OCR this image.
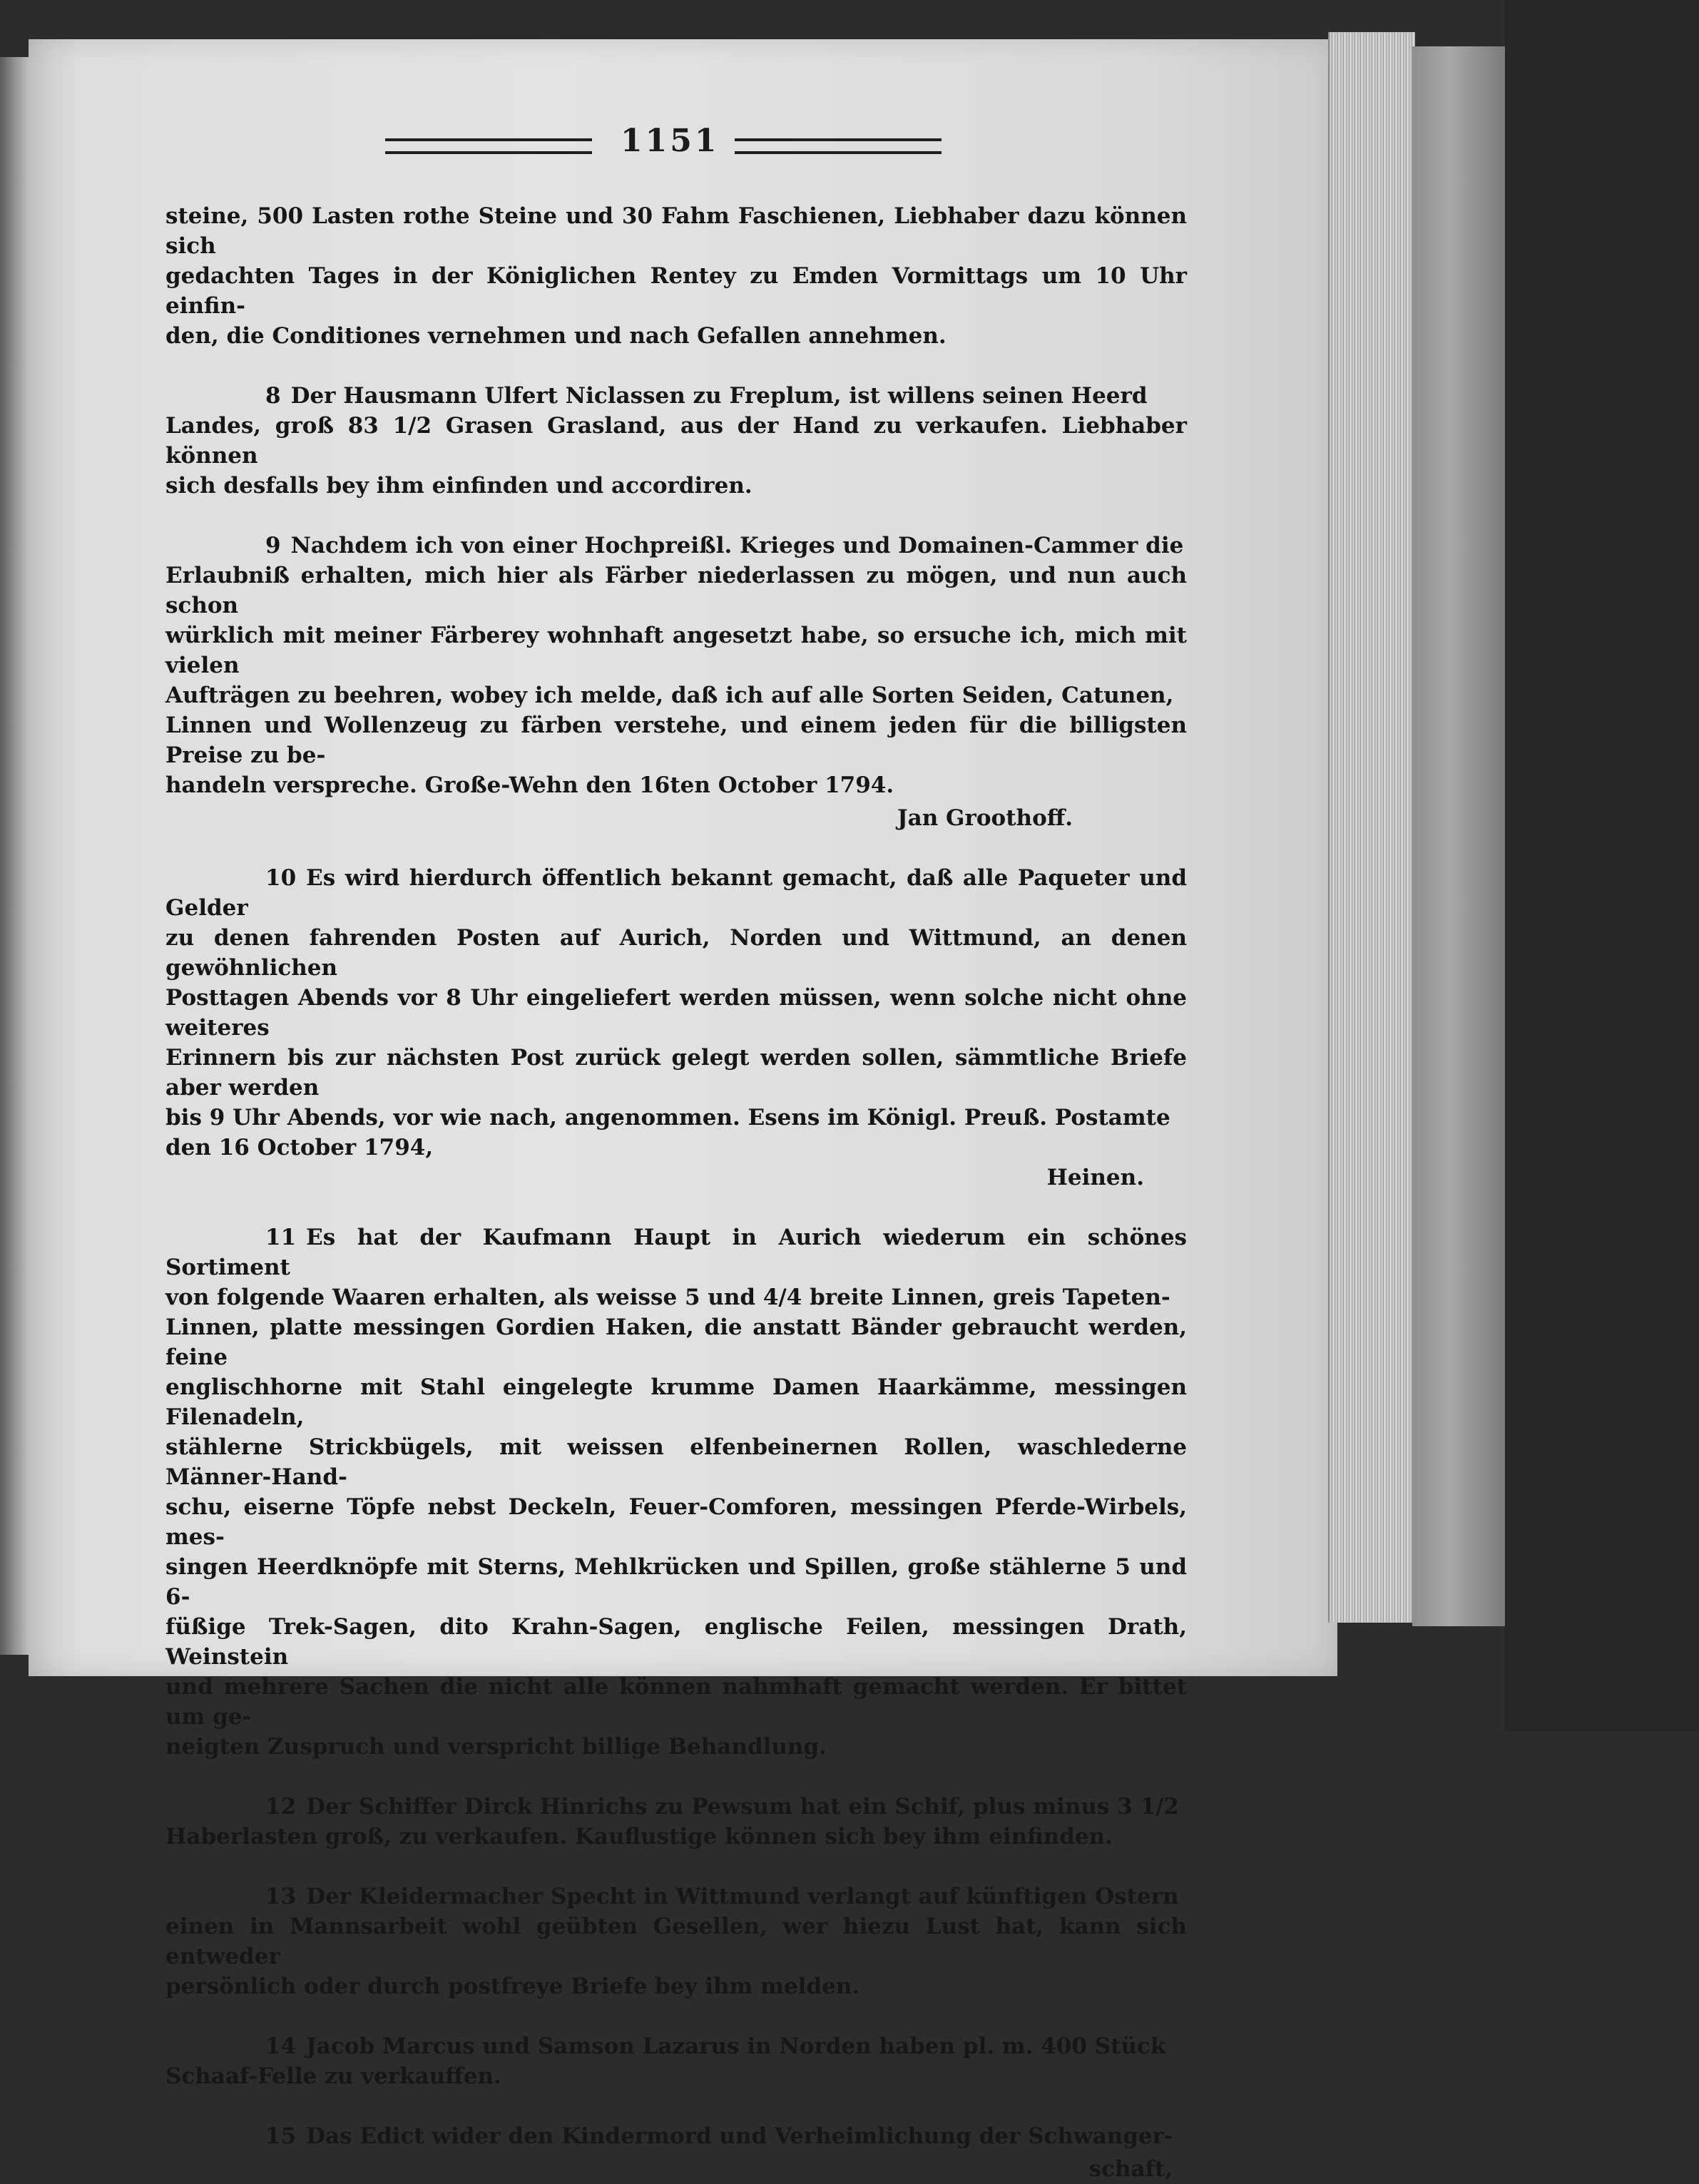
1151
steine, 500 Lasten rothe Steine und 30 Fahm Faschienen, Liebhaber dazu können sich
gedachten Tages in der Königlichen Rentey zu Emden Vormittags um 10 Uhr einfin-
den, die Conditiones vernehmen und nach Gefallen annehmen.
8 Der Hausmann Ulfert Niclassen zu Freplum, ist willens seinen Heerd
Landes, groß 83 1/2 Grasen Grasland, aus der Hand zu verkaufen. Liebhaber können
sich desfalls bey ihm einfinden und accordiren.
9 Nachdem ich von einer Hochpreißl. Krieges und Domainen-Cammer die
Erlaubniß erhalten, mich hier als Färber niederlassen zu mögen, und nun auch schon
würklich mit meiner Färberey wohnhaft angesetzt habe, so ersuche ich, mich mit vielen
Aufträgen zu beehren, wobey ich melde, daß ich auf alle Sorten Seiden, Catunen,
Linnen und Wollenzeug zu färben verstehe, und einem jeden für die billigsten Preise zu be-
handeln verspreche. Große-Wehn den 16ten October 1794.
Jan Groothoff.
10 Es wird hierdurch öffentlich bekannt gemacht, daß alle Paqueter und Gelder
zu denen fahrenden Posten auf Aurich, Norden und Wittmund, an denen gewöhnlichen
Posttagen Abends vor 8 Uhr eingeliefert werden müssen, wenn solche nicht ohne weiteres
Erinnern bis zur nächsten Post zurück gelegt werden sollen, sämmtliche Briefe aber werden
bis 9 Uhr Abends, vor wie nach, angenommen. Esens im Königl. Preuß. Postamte
den 16 October 1794,
Heinen.
11 Es hat der Kaufmann Haupt in Aurich wiederum ein schönes Sortiment
von folgende Waaren erhalten, als weisse 5 und 4/4 breite Linnen, greis Tapeten-
Linnen, platte messingen Gordien Haken, die anstatt Bänder gebraucht werden, feine
englischhorne mit Stahl eingelegte krumme Damen Haarkämme, messingen Filenadeln,
stählerne Strickbügels, mit weissen elfenbeinernen Rollen, waschlederne Männer-Hand-
schu, eiserne Töpfe nebst Deckeln, Feuer-Comforen, messingen Pferde-Wirbels, mes-
singen Heerdknöpfe mit Sterns, Mehlkrücken und Spillen, große stählerne 5 und 6-
füßige Trek-Sagen, dito Krahn-Sagen, englische Feilen, messingen Drath, Weinstein
und mehrere Sachen die nicht alle können nahmhaft gemacht werden. Er bittet um ge-
neigten Zuspruch und verspricht billige Behandlung.
12 Der Schiffer Dirck Hinrichs zu Pewsum hat ein Schif, plus minus 3 1/2
Haberlasten groß, zu verkaufen. Kauflustige können sich bey ihm einfinden.
13 Der Kleidermacher Specht in Wittmund verlangt auf künftigen Ostern
einen in Mannsarbeit wohl geübten Gesellen, wer hiezu Lust hat, kann sich entweder
persönlich oder durch postfreye Briefe bey ihm melden.
14 Jacob Marcus und Samson Lazarus in Norden haben pl. m. 400 Stück
Schaaf-Felle zu verkauffen.
15 Das Edict wider den Kindermord und Verheimlichung der Schwanger-
schaft,
